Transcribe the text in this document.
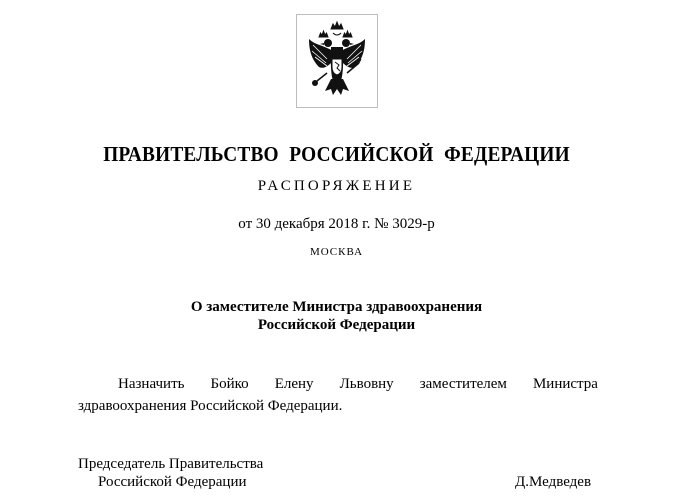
ПРАВИТЕЛЬСТВО РОССИЙСКОЙ ФЕДЕРАЦИИ
РАСПОРЯЖЕНИЕ
от 30 декабря 2018 г. № 3029-р
МОСКВА
О заместителе Министра здравоохранения
Российской Федерации
Назначить Бойко Елену Львовну заместителем Министра
здравоохранения Российской Федерации.
Председатель Правительства
Российской Федерации	Д.Медведев
